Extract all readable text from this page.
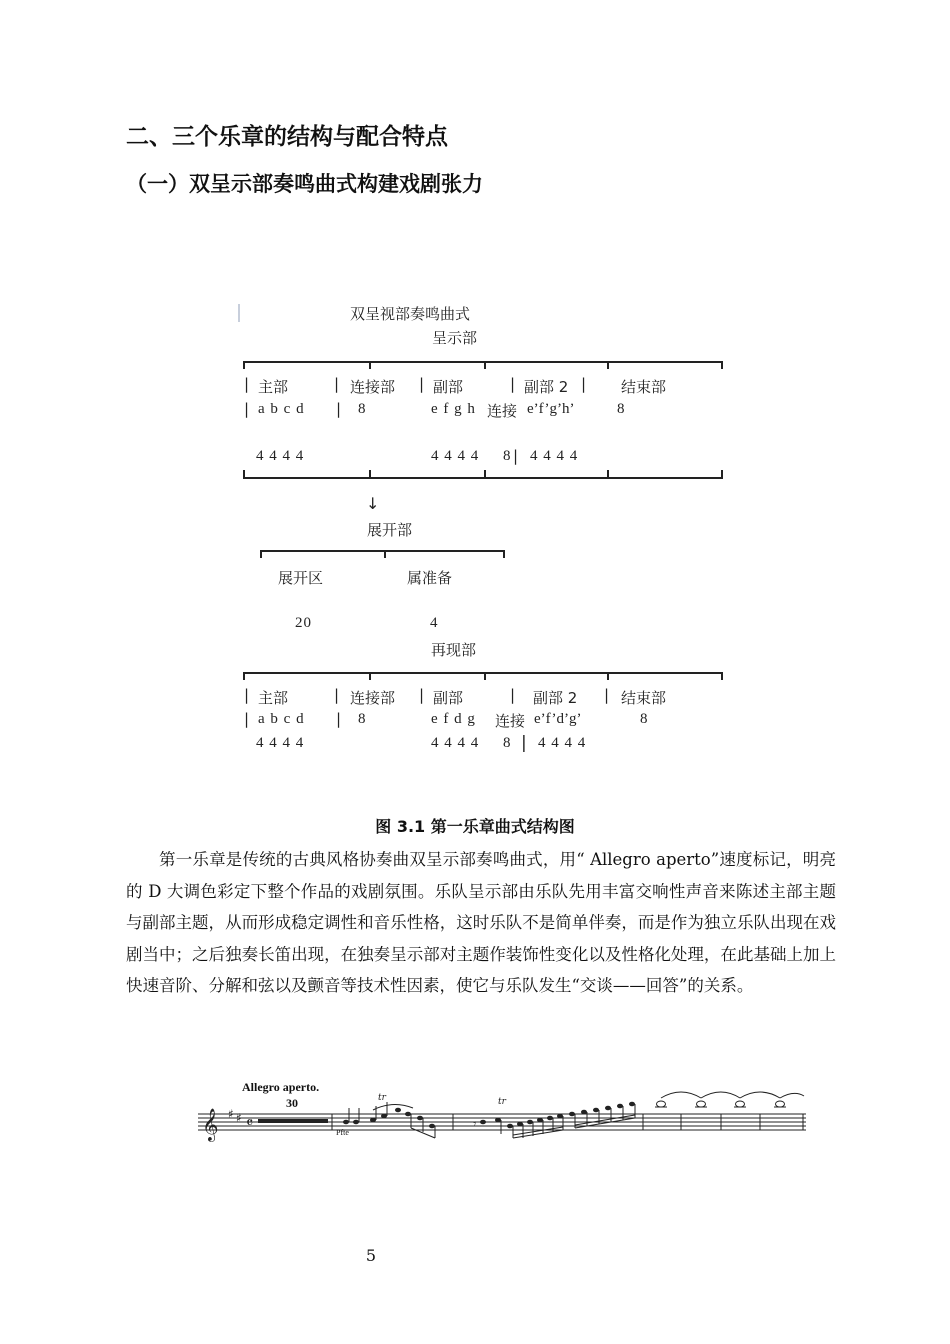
二、三个乐章的结构与配合特点
（一）双呈示部奏鸣曲式构建戏剧张力
双呈视部奏鸣曲式
呈示部
| 主部	| 连接部 | 副部	| 副部 2 | 结束部
| a b c d | 8	e f g h 连接 e’f’g’h’	8
4 4 4 4	4 4 4 4 8 | 4 4 4 4
↓
展开部
展开区	属准备
20	4
再现部
| 主部	| 连接部 | 副部	| 副部 2 | 结束部
| a b c d | 8	e f d g 连接 e’f’d’g’	8
4 4 4 4	4 4 4 4 8 | 4 4 4 4
图 3.1 第一乐章曲式结构图
第一乐章是传统的古典风格协奏曲双呈示部奏鸣曲式，用“ Allegro aperto”速度标记，明亮的 D 大调色彩定下整个作品的戏剧氛围。乐队呈示部由乐队先用丰富交响性声音来陈述主部主题与副部主题，从而形成稳定调性和音乐性格，这时乐队不是简单伴奏，而是作为独立乐队出现在戏剧当中；之后独奏长笛出现，在独奏呈示部对主题作装饰性变化以及性格化处理，在此基础上加上快速音阶、分解和弦以及颤音等技术性因素，使它与乐队发生“交谈——回答”的关系。
𝄞 ♯ ♯ 𝄴
tr	tr
𝄾
Allegro aperto.
30
Pfte
5
